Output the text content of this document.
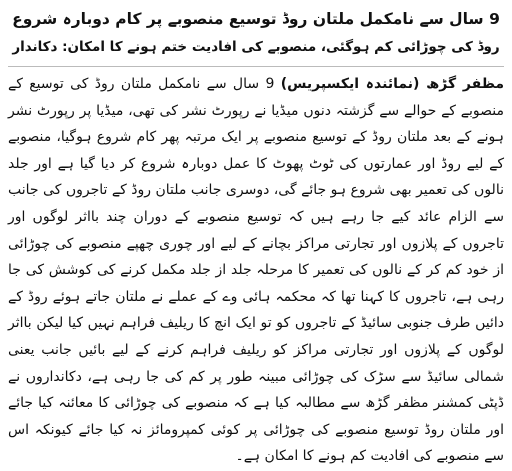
9 سال سے نامکمل ملتان روڈ توسیع منصوبے پر کام دوبارہ شروع
روڈ کی چوڑائی کم ہوگئی، منصوبے کی افادیت ختم ہونے کا امکان: دکاندار

مظفر گڑھ (نمائندہ ایکسپریس) 9 سال سے نامکمل ملتان روڈ کی توسیع کے منصوبے کے حوالے سے گزشتہ دنوں میڈیا نے رپورٹ نشر کی تھی، میڈیا پر رپورٹ نشر ہونے کے بعد ملتان روڈ کے توسیع منصوبے پر ایک مرتبہ پھر کام شروع ہوگیا، منصوبے کے لیے روڈ اور عمارتوں کی ٹوٹ پھوٹ کا عمل دوبارہ شروع کر دیا گیا ہے اور جلد نالوں کی تعمیر بھی شروع ہو جائے گی، دوسری جانب ملتان روڈ کے تاجروں کی جانب سے الزام عائد کیے جا رہے ہیں کہ توسیع منصوبے کے دوران چند بااثر لوگوں اور تاجروں کے پلازوں اور تجارتی مراکز بچانے کے لیے اور چوری چھپے منصوبے کی چوڑائی از خود کم کر کے نالوں کی تعمیر کا مرحلہ جلد از جلد مکمل کرنے کی کوشش کی جا رہی ہے، تاجروں کا کہنا تھا کہ محکمہ ہائی وے کے عملے نے ملتان جاتے ہوئے روڈ کے دائیں طرف جنوبی سائیڈ کے تاجروں کو تو ایک انچ کا ریلیف فراہم نہیں کیا لیکن بااثر لوگوں کے پلازوں اور تجارتی مراکز کو ریلیف فراہم کرنے کے لیے بائیں جانب یعنی شمالی سائیڈ سے سڑک کی چوڑائی مبینہ طور پر کم کی جا رہی ہے، دکانداروں نے ڈپٹی کمشنر مظفر گڑھ سے مطالبہ کیا ہے کہ منصوبے کی چوڑائی کا معائنہ کیا جائے اور ملتان روڈ توسیع منصوبے کی چوڑائی پر کوئی کمپرومائز نہ کیا جائے کیونکہ اس سے منصوبے کی افادیت کم ہونے کا امکان ہے۔
